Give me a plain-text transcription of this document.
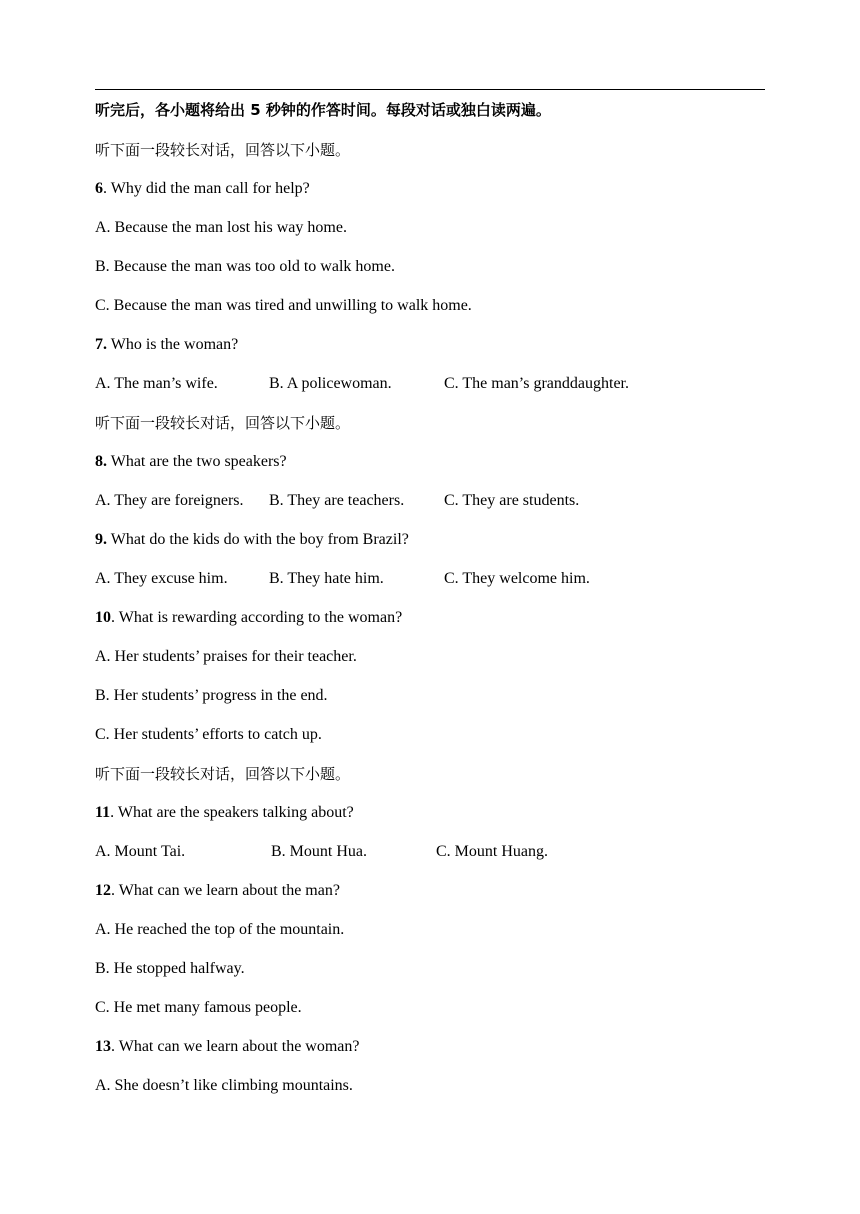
听完后，各小题将给出 5 秒钟的作答时间。每段对话或独白读两遍。
听下面一段较长对话，回答以下小题。
6. Why did the man call for help?
A. Because the man lost his way home.
B. Because the man was too old to walk home.
C. Because the man was tired and unwilling to walk home.
7. Who is the woman?
A. The man’s wife.	B. A policewoman.	C. The man’s granddaughter.
听下面一段较长对话，回答以下小题。
8. What are the two speakers?
A. They are foreigners. B. They are teachers. C. They are students.
9. What do the kids do with the boy from Brazil?
A. They excuse him.	B. They hate him.	C. They welcome him.
10. What is rewarding according to the woman?
A. Her students’ praises for their teacher.
B. Her students’ progress in the end.
C. Her students’ efforts to catch up.
听下面一段较长对话，回答以下小题。
11. What are the speakers talking about?
A. Mount Tai.	B. Mount Hua.	C. Mount Huang.
12. What can we learn about the man?
A. He reached the top of the mountain.
B. He stopped halfway.
C. He met many famous people.
13. What can we learn about the woman?
A. She doesn’t like climbing mountains.
